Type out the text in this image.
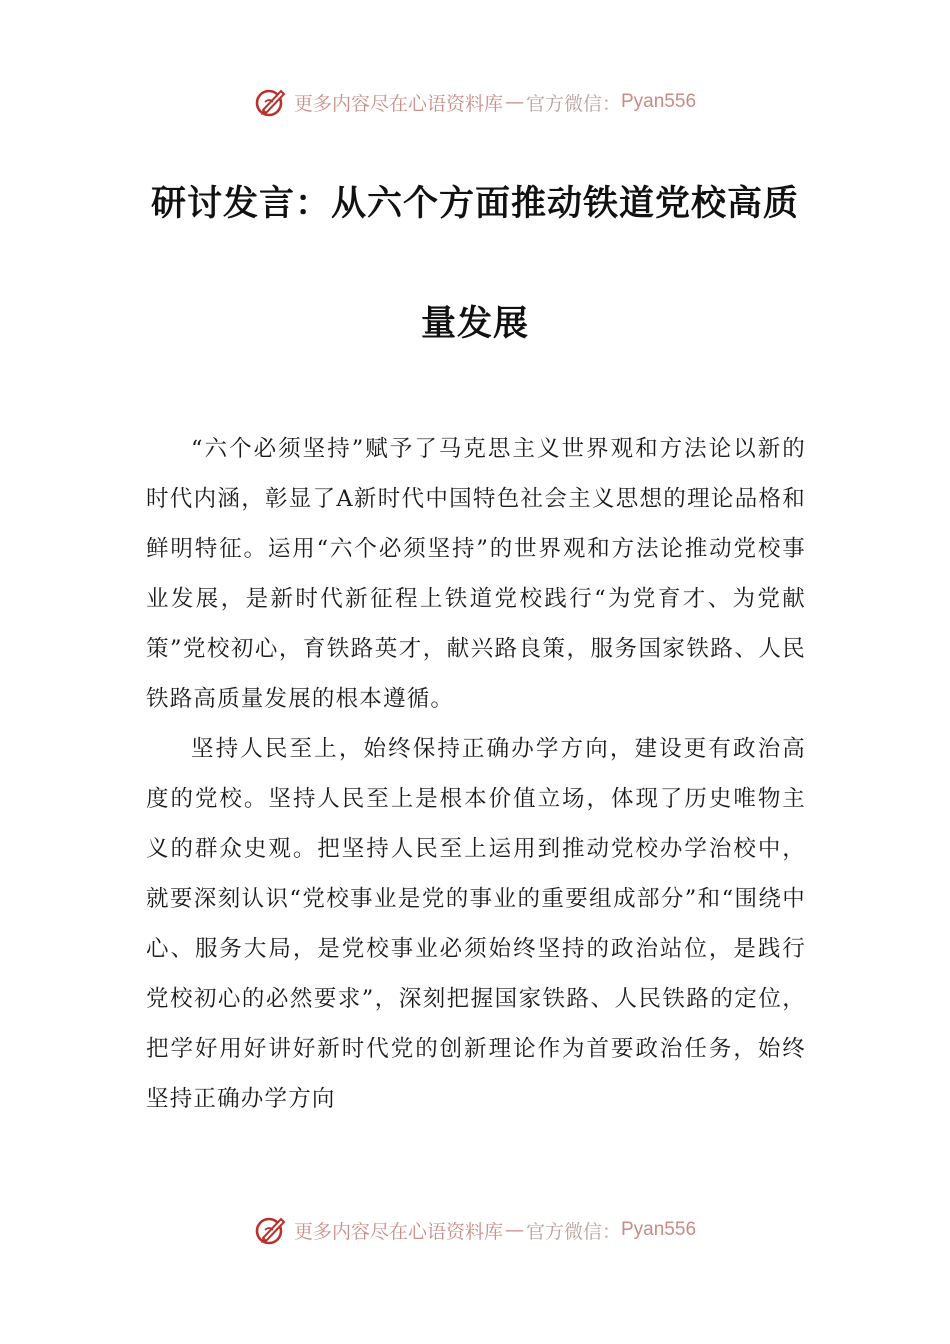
更多内容尽在心语资料库 — 官方微信： Pyan556
研讨发言：从六个方面推动铁道党校高质
量发展

“六个必须坚持”赋予了马克思主义世界观和方法论以新的时代内涵，彰显了A新时代中国特色社会主义思想的理论品格和鲜明特征。运用“六个必须坚持”的世界观和方法论推动党校事业发展，是新时代新征程上铁道党校践行“为党育才、为党献策”党校初心，育铁路英才，献兴路良策，服务国家铁路、人民铁路高质量发展的根本遵循。

坚持人民至上，始终保持正确办学方向，建设更有政治高度的党校。坚持人民至上是根本价值立场，体现了历史唯物主义的群众史观。把坚持人民至上运用到推动党校办学治校中，就要深刻认识“党校事业是党的事业的重要组成部分”和“围绕中心、服务大局，是党校事业必须始终坚持的政治站位，是践行党校初心的必然要求”，深刻把握国家铁路、人民铁路的定位，把学好用好讲好新时代党的创新理论作为首要政治任务，始终坚持正确办学方向

更多内容尽在心语资料库 — 官方微信： Pyan556
